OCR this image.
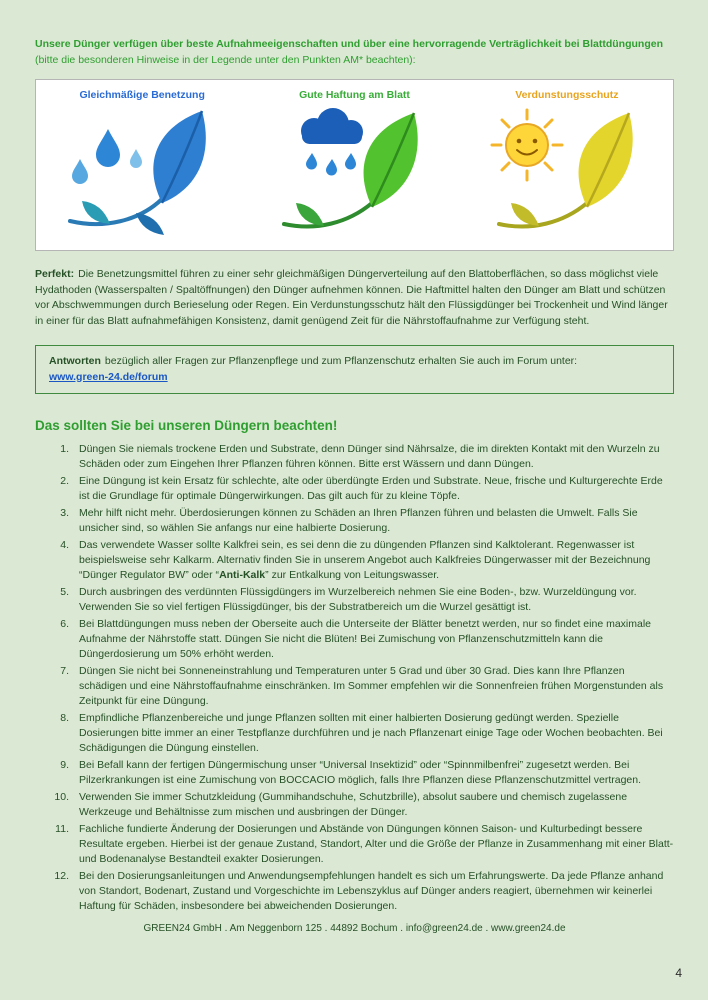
Unsere Dünger verfügen über beste Aufnahmeeigenschaften und über eine hervorragende Verträglichkeit bei Blattdüngungen
(bitte die besonderen Hinweise in der Legende unter den Punkten AM* beachten):
Gleichmäßige Benetzung	Gute Haftung am Blatt	Verdunstungsschutz
Perfekt: Die Benetzungsmittel führen zu einer sehr gleichmäßigen Düngerverteilung auf den Blattoberflächen, so dass möglichst viele Hydathoden (Wasserspalten / Spaltöffnungen) den Dünger aufnehmen können. Die Haftmittel halten den Dünger am Blatt und schützen vor Abschwemmungen durch Berieselung oder Regen. Ein Verdunstungsschutz hält den Flüssigdünger bei Trockenheit und Wind länger in einer für das Blatt aufnahmefähigen Konsistenz, damit genügend Zeit für die Nährstoffaufnahme zur Verfügung steht.
Antworten bezüglich aller Fragen zur Pflanzenpflege und zum Pflanzenschutz erhalten Sie auch im Forum unter:
www.green-24.de/forum
Das sollten Sie bei unseren Düngern beachten!
1. Düngen Sie niemals trockene Erden und Substrate, denn Dünger sind Nährsalze, die im direkten Kontakt mit den Wurzeln zu Schäden oder zum Eingehen Ihrer Pflanzen führen können. Bitte erst Wässern und dann Düngen.
2. Eine Düngung ist kein Ersatz für schlechte, alte oder überdüngte Erden und Substrate. Neue, frische und Kulturgerechte Erde ist die Grundlage für optimale Düngerwirkungen. Das gilt auch für zu kleine Töpfe.
3. Mehr hilft nicht mehr. Überdosierungen können zu Schäden an Ihren Pflanzen führen und belasten die Umwelt. Falls Sie unsicher sind, so wählen Sie anfangs nur eine halbierte Dosierung.
4. Das verwendete Wasser sollte Kalkfrei sein, es sei denn die zu düngenden Pflanzen sind Kalktolerant. Regenwasser ist beispielsweise sehr Kalkarm. Alternativ finden Sie in unserem Angebot auch Kalkfreies Düngerwasser mit der Bezeichnung “Dünger Regulator BW” oder “Anti-Kalk” zur Entkalkung von Leitungswasser.
5. Durch ausbringen des verdünnten Flüssigdüngers im Wurzelbereich nehmen Sie eine Boden-, bzw. Wurzeldüngung vor. Verwenden Sie so viel fertigen Flüssigdünger, bis der Substratbereich um die Wurzel gesättigt ist.
6. Bei Blattdüngungen muss neben der Oberseite auch die Unterseite der Blätter benetzt werden, nur so findet eine maximale Aufnahme der Nährstoffe statt. Düngen Sie nicht die Blüten! Bei Zumischung von Pflanzenschutzmitteln kann die Düngerdosierung um 50% erhöht werden.
7. Düngen Sie nicht bei Sonneneinstrahlung und Temperaturen unter 5 Grad und über 30 Grad. Dies kann Ihre Pflanzen schädigen und eine Nährstoffaufnahme einschränken. Im Sommer empfehlen wir die Sonnenfreien frühen Morgenstunden als Zeitpunkt für eine Düngung.
8. Empfindliche Pflanzenbereiche und junge Pflanzen sollten mit einer halbierten Dosierung gedüngt werden. Spezielle Dosierungen bitte immer an einer Testpflanze durchführen und je nach Pflanzenart einige Tage oder Wochen beobachten. Bei Schädigungen die Düngung einstellen.
9. Bei Befall kann der fertigen Düngermischung unser “Universal Insektizid” oder “Spinnmilbenfrei” zugesetzt werden. Bei Pilzerkrankungen ist eine Zumischung von BOCCACIO möglich, falls Ihre Pflanzen diese Pflanzenschutzmittel vertragen.
10. Verwenden Sie immer Schutzkleidung (Gummihandschuhe, Schutzbrille), absolut saubere und chemisch zugelassene Werkzeuge und Behältnisse zum mischen und ausbringen der Dünger.
11. Fachliche fundierte Änderung der Dosierungen und Abstände von Düngungen können Saison- und Kulturbedingt bessere Resultate ergeben. Hierbei ist der genaue Zustand, Standort, Alter und die Größe der Pflanze in Zusammenhang mit einer Blatt- und Bodenanalyse Bestandteil exakter Dosierungen.
12. Bei den Dosierungsanleitungen und Anwendungsempfehlungen handelt es sich um Erfahrungswerte. Da jede Pflanze anhand von Standort, Bodenart, Zustand und Vorgeschichte im Lebenszyklus auf Dünger anders reagiert, übernehmen wir keinerlei Haftung für Schäden, insbesondere bei abweichenden Dosierungen.
GREEN24 GmbH . Am Neggenborn 125 . 44892 Bochum . info@green24.de . www.green24.de
4
